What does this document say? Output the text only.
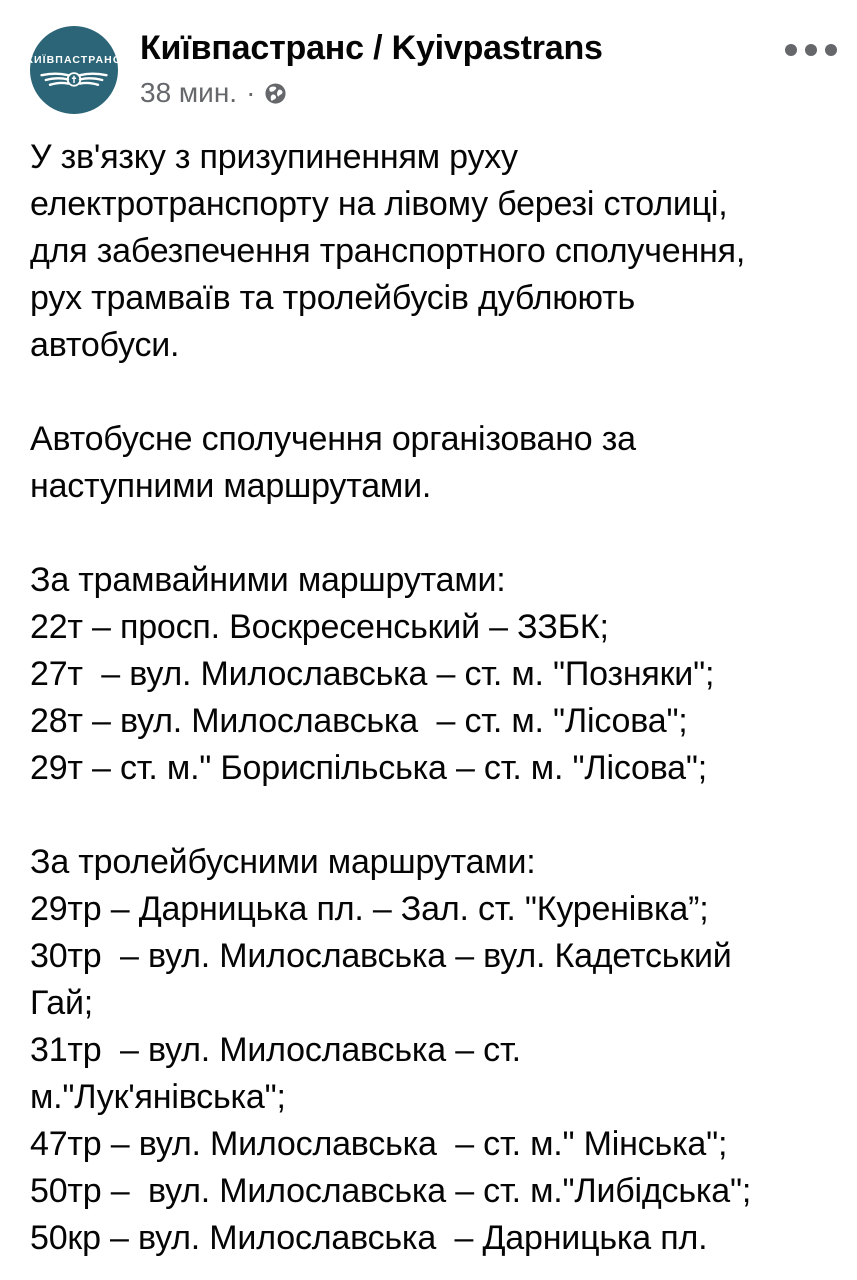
КИЇВПАСТРАНС Київпастранс / Kyivpastrans
38 мин. ·

У зв'язку з призупиненням руху

електротранспорту на лівому березі столиці,

для забезпечення транспортного сполучення,

рух трамваїв та тролейбусів дублюють

автобуси.

Автобусне сполучення організовано за

наступними маршрутами.

За трамвайними маршрутами:

22т – просп. Воскресенський – ЗЗБК;

27т  – вул. Милославська – ст. м. "Позняки";

28т – вул. Милославська  – ст. м. "Лісова";

29т – ст. м." Бориспільська – ст. м. "Лісова";

За тролейбусними маршрутами:

29тр – Дарницька пл. – Зал. ст. "Куренівка”;

30тр  – вул. Милославська – вул. Кадетський

Гай;

31тр  – вул. Милославська – ст.

м."Лук'янівська";

47тр – вул. Милославська  – ст. м." Мінська";

50тр –  вул. Милославська – ст. м."Либідська";

50кр – вул. Милославська  – Дарницька пл.
